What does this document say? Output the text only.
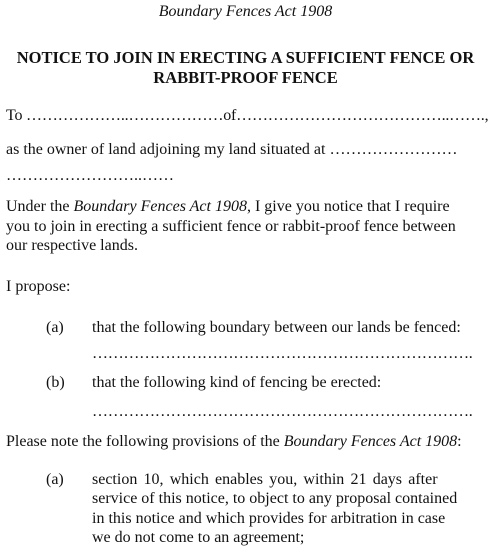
Boundary Fences Act 1908
NOTICE TO JOIN IN ERECTING A SUFFICIENT FENCE OR
RABBIT-PROOF FENCE
To ………………..………………of…………………………………..…….,
as the owner of land adjoining my land situated at ……………………
……………………..……
Under the Boundary Fences Act 1908, I give you notice that I require
you to join in erecting a sufficient fence or rabbit-proof fence between
our respective lands.
I propose:
(a) that the following boundary between our lands be fenced:
……………………………………………………………….
(b) that the following kind of fencing be erected:
……………………………………………………………….
Please note the following provisions of the Boundary Fences Act 1908:
(a) section 10, which enables you, within 21 days after
service of this notice, to object to any proposal contained
in this notice and which provides for arbitration in case
we do not come to an agreement;
